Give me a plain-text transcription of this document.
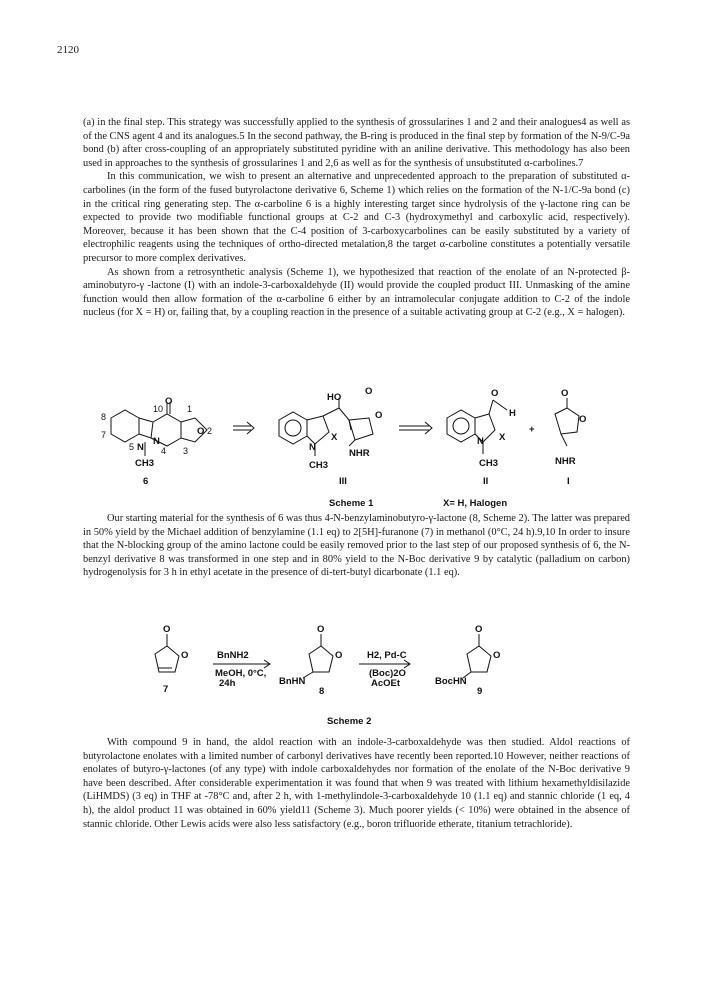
2120

(a) in the final step. This strategy was successfully applied to the synthesis of grossularines 1 and 2 and their analogues4 as well as of the CNS agent 4 and its analogues.5 In the second pathway, the B-ring is produced in the final step by formation of the N-9/C-9a bond (b) after cross-coupling of an appropriately substituted pyridine with an aniline derivative. This methodology has also been used in approaches to the synthesis of grossularines 1 and 2,6 as well as for the synthesis of unsubstituted α-carbolines.7

In this communication, we wish to present an alternative and unprecedented approach to the preparation of substituted α-carbolines (in the form of the fused butyrolactone derivative 6, Scheme 1) which relies on the formation of the N-1/C-9a bond (c) in the critical ring generating step. The α-carboline 6 is a highly interesting target since hydrolysis of the γ-lactone ring can be expected to provide two modifiable functional groups at C-2 and C-3 (hydroxymethyl and carboxylic acid, respectively). Moreover, because it has been shown that the C-4 position of 3-carboxycarbolines can be easily substituted by a variety of electrophilic reagents using the techniques of ortho-directed metalation,8 the target α-carboline constitutes a potentially versatile precursor to more complex derivatives.

As shown from a retrosynthetic analysis (Scheme 1), we hypothesized that reaction of the enolate of an N-protected β-aminobutyro-γ -lactone (I) with an indole-3-carboxaldehyde (II) would provide the coupled product III. Unmasking of the amine function would then allow formation of the α-carboline 6 either by an intramolecular conjugate addition to C-2 of the indole nucleus (for X = H) or, failing that, by a coupling reaction in the presence of a suitable activating group at C-2 (e.g., X = halogen).

O
10	1
8
O 2
7
5 N 4 3
N
CH3
6
HO
O
O
X
NHR
N
CH3
III
O
H
N X
CH3
II
+
O
O
NHR
I
Scheme 1	X= H, Halogen

Our starting material for the synthesis of 6 was thus 4-N-benzylaminobutyro-γ-lactone (8, Scheme 2). The latter was prepared in 50% yield by the Michael addition of benzylamine (1.1 eq) to 2[5H]-furanone (7) in methanol (0°C, 24 h).9,10 In order to insure that the N-blocking group of the amino lactone could be easily removed prior to the last step of our proposed synthesis of 6, the N-benzyl derivative 8 was transformed in one step and in 80% yield to the N-Boc derivative 9 by catalytic (palladium on carbon) hydrogenolysis for 3 h in ethyl acetate in the presence of di-tert-butyl dicarbonate (1.1 eq).

O
O
7
BnNH2
MeOH, 0°C,
24h
O
O
BnHN
8
H2, Pd-C
(Boc)2O
AcOEt
O
O
BocHN
9
Scheme 2

With compound 9 in hand, the aldol reaction with an indole-3-carboxaldehyde was then studied. Aldol reactions of butyrolactone enolates with a limited number of carbonyl derivatives have recently been reported.10 However, neither reactions of enolates of butyro-γ-lactones (of any type) with indole carboxaldehydes nor formation of the enolate of the N-Boc derivative 9 have been described. After considerable experimentation it was found that when 9 was treated with lithium hexamethyldisilazide (LiHMDS) (3 eq) in THF at -78°C and, after 2 h, with 1-methylindole-3-carboxaldehyde 10 (1.1 eq) and stannic chloride (1 eq, 4 h), the aldol product 11 was obtained in 60% yield11 (Scheme 3). Much poorer yields (< 10%) were obtained in the absence of stannic chloride. Other Lewis acids were also less satisfactory (e.g., boron trifluoride etherate, titanium tetrachloride).
